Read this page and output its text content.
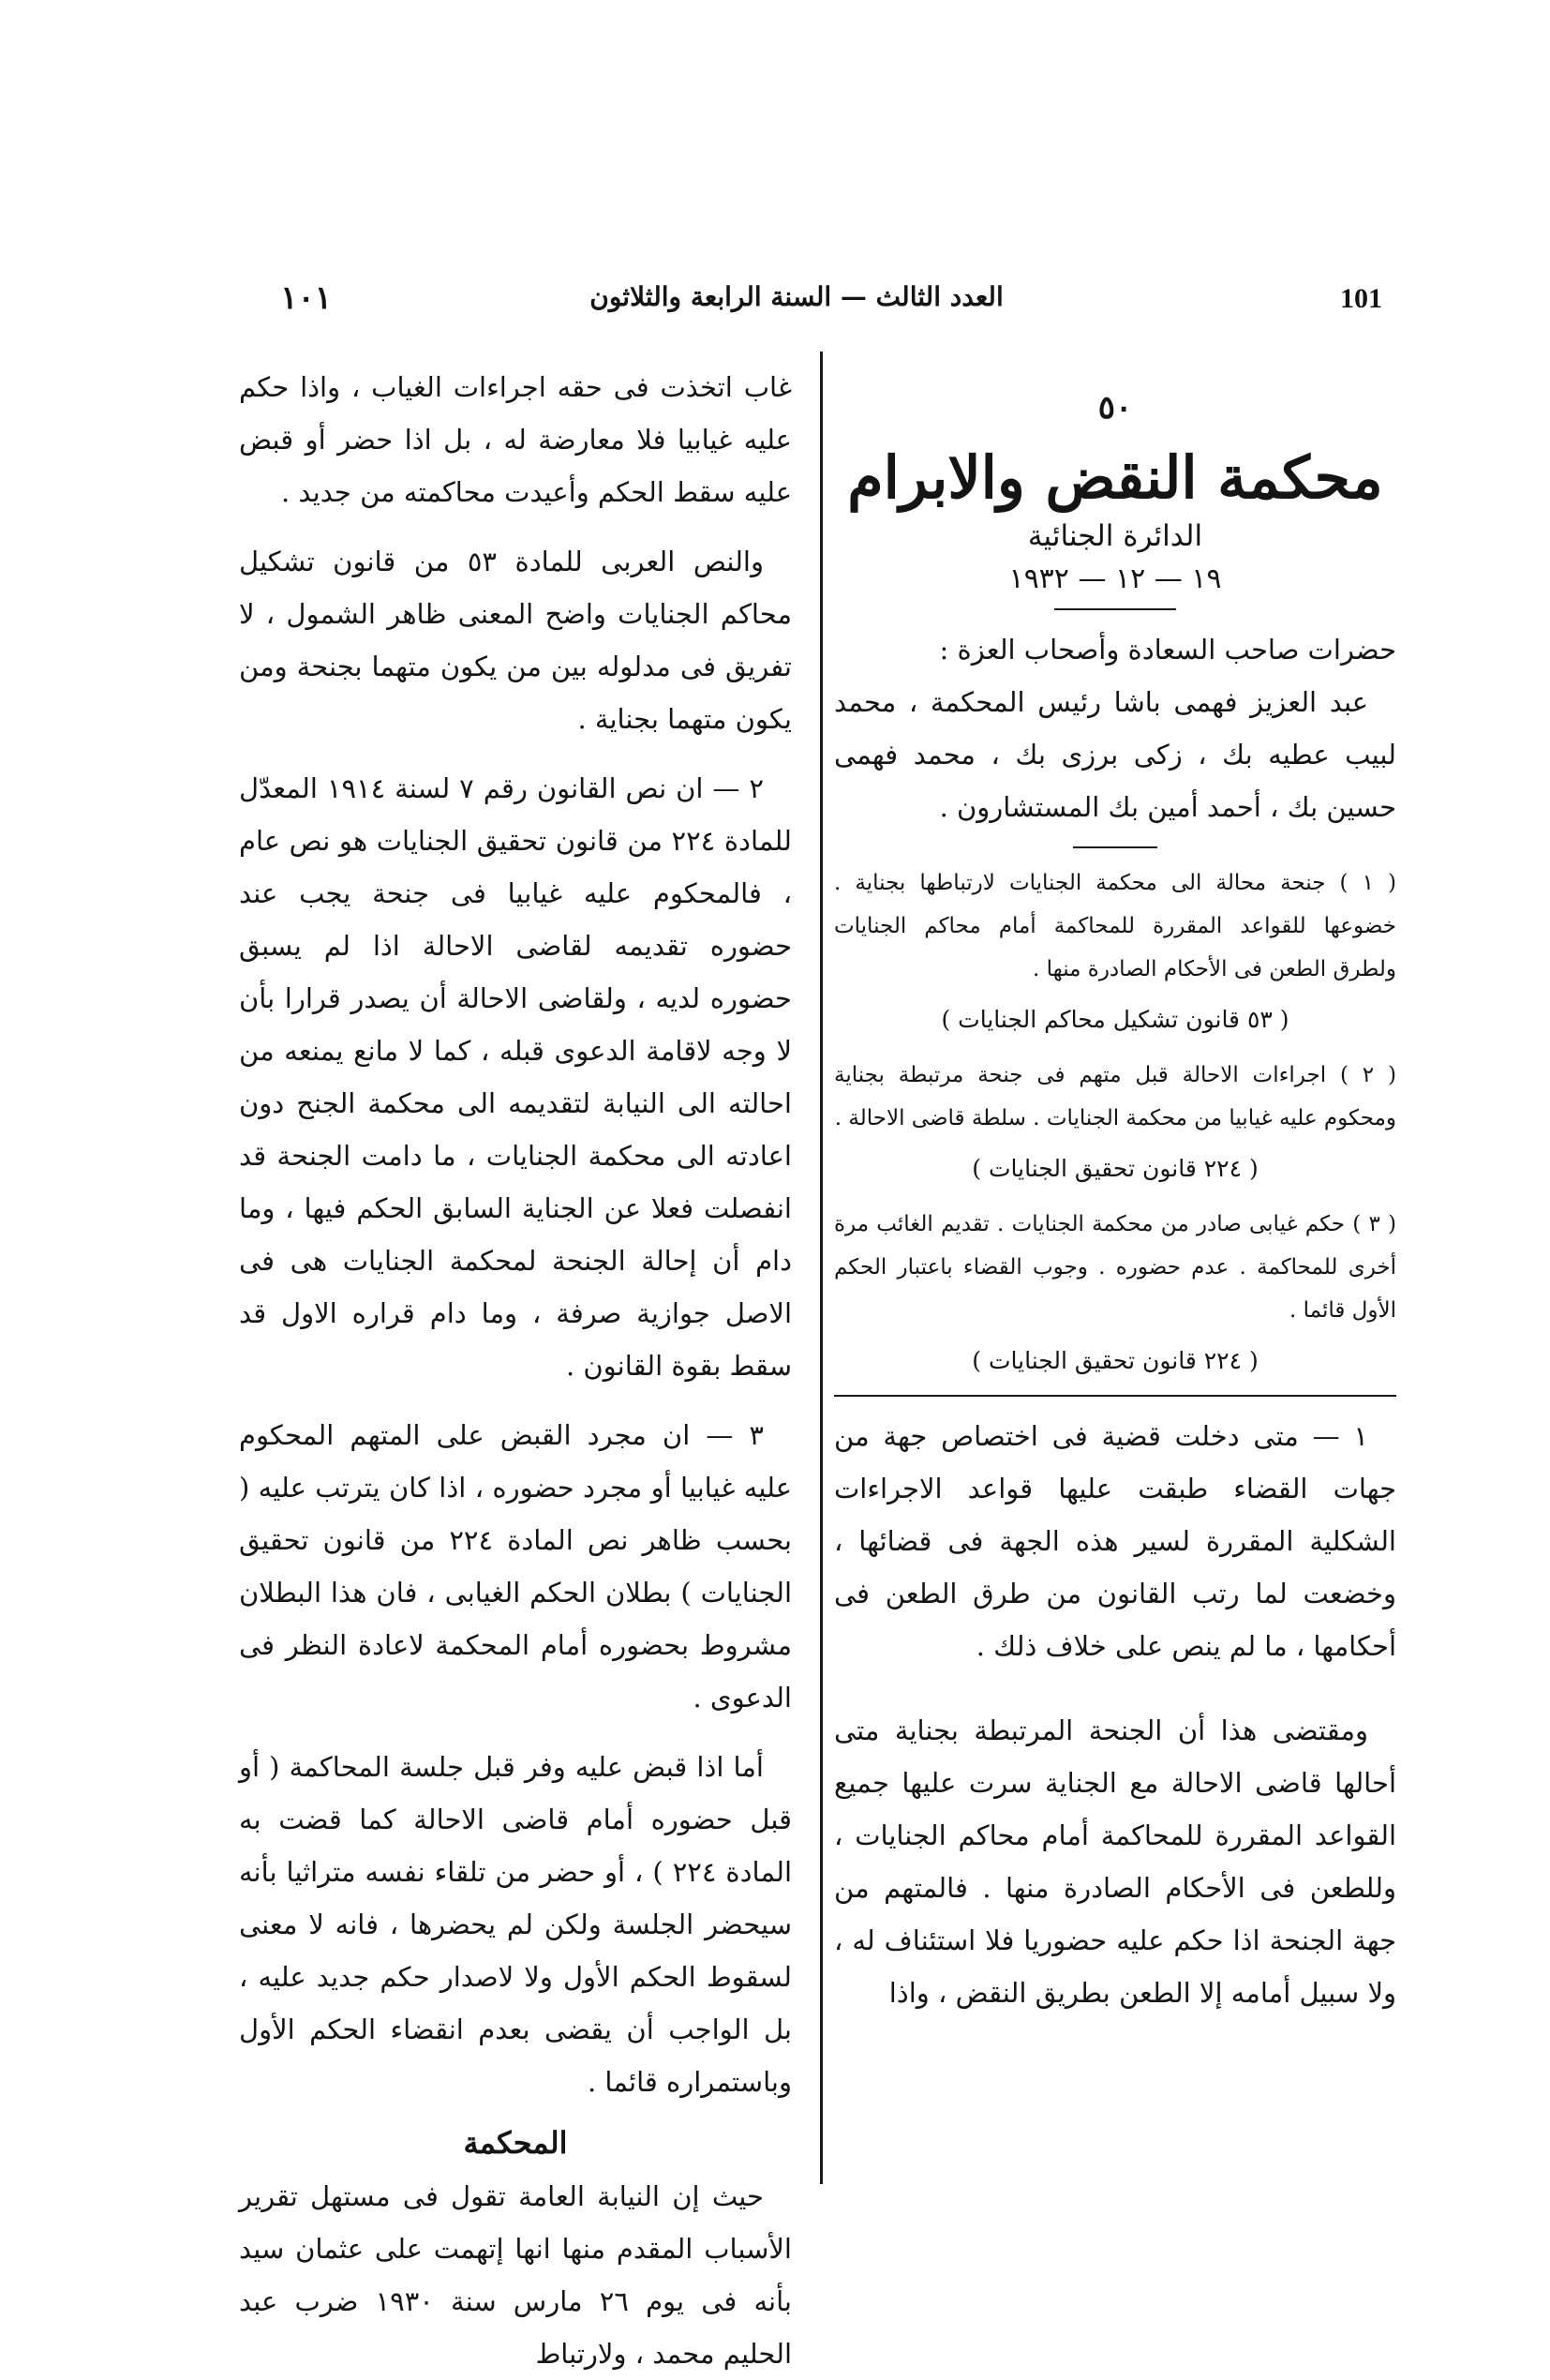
١٠١	العدد الثالث — السنة الرابعة والثلاثون	101

٥٠

محكمة النقض والابرام

الدائرة الجنائية

١٩ — ١٢ — ١٩٣٢

حضرات صاحب السعادة وأصحاب العزة :

عبد العزيز فهمى باشا رئيس المحكمة ، محمد لبيب عطيه بك ، زكى برزى بك ، محمد فهمى حسين بك ، أحمد أمين بك المستشارون .

( ١ ) جنحة محالة الى محكمة الجنايات لارتباطها بجناية . خضوعها للقواعد المقررة للمحاكمة أمام محاكم الجنايات ولطرق الطعن فى الأحكام الصادرة منها .

( ٥٣ قانون تشكيل محاكم الجنايات )

( ٢ ) اجراءات الاحالة قبل متهم فى جنحة مرتبطة بجناية ومحكوم عليه غيابيا من محكمة الجنايات . سلطة قاضى الاحالة .

( ٢٢٤ قانون تحقيق الجنايات )

( ٣ ) حكم غيابى صادر من محكمة الجنايات . تقديم الغائب مرة أخرى للمحاكمة . عدم حضوره . وجوب القضاء باعتبار الحكم الأول قائما .

( ٢٢٤ قانون تحقيق الجنايات )

١ — متى دخلت قضية فى اختصاص جهة من جهات القضاء طبقت عليها قواعد الاجراءات الشكلية المقررة لسير هذه الجهة فى قضائها ، وخضعت لما رتب القانون من طرق الطعن فى أحكامها ، ما لم ينص على خلاف ذلك .

ومقتضى هذا أن الجنحة المرتبطة بجناية متى أحالها قاضى الاحالة مع الجناية سرت عليها جميع القواعد المقررة للمحاكمة أمام محاكم الجنايات ، وللطعن فى الأحكام الصادرة منها . فالمتهم من جهة الجنحة اذا حكم عليه حضوريا فلا استئناف له ، ولا سبيل أمامه إلا الطعن بطريق النقض ، واذا

غاب اتخذت فى حقه اجراءات الغياب ، واذا حكم عليه غيابيا فلا معارضة له ، بل اذا حضر أو قبض عليه سقط الحكم وأعيدت محاكمته من جديد .

والنص العربى للمادة ٥٣ من قانون تشكيل محاكم الجنايات واضح المعنى ظاهر الشمول ، لا تفريق فى مدلوله بين من يكون متهما بجنحة ومن يكون متهما بجناية .

٢ — ان نص القانون رقم ٧ لسنة ١٩١٤ المعدّل للمادة ٢٢٤ من قانون تحقيق الجنايات هو نص عام ، فالمحكوم عليه غيابيا فى جنحة يجب عند حضوره تقديمه لقاضى الاحالة اذا لم يسبق حضوره لديه ، ولقاضى الاحالة أن يصدر قرارا بأن لا وجه لاقامة الدعوى قبله ، كما لا مانع يمنعه من احالته الى النيابة لتقديمه الى محكمة الجنح دون اعادته الى محكمة الجنايات ، ما دامت الجنحة قد انفصلت فعلا عن الجناية السابق الحكم فيها ، وما دام أن إحالة الجنحة لمحكمة الجنايات هى فى الاصل جوازية صرفة ، وما دام قراره الاول قد سقط بقوة القانون .

٣ — ان مجرد القبض على المتهم المحكوم عليه غيابيا أو مجرد حضوره ، اذا كان يترتب عليه ( بحسب ظاهر نص المادة ٢٢٤ من قانون تحقيق الجنايات ) بطلان الحكم الغيابى ، فان هذا البطلان مشروط بحضوره أمام المحكمة لاعادة النظر فى الدعوى .

أما اذا قبض عليه وفر قبل جلسة المحاكمة ( أو قبل حضوره أمام قاضى الاحالة كما قضت به المادة ٢٢٤ ) ، أو حضر من تلقاء نفسه متراثيا بأنه سيحضر الجلسة ولكن لم يحضرها ، فانه لا معنى لسقوط الحكم الأول ولا لاصدار حكم جديد عليه ، بل الواجب أن يقضى بعدم انقضاء الحكم الأول وباستمراره قائما .

المحكمة

حيث إن النيابة العامة تقول فى مستهل تقرير الأسباب المقدم منها انها إتهمت على عثمان سيد بأنه فى يوم ٢٦ مارس سنة ١٩٣٠ ضرب عبد الحليم محمد ، ولارتباط
